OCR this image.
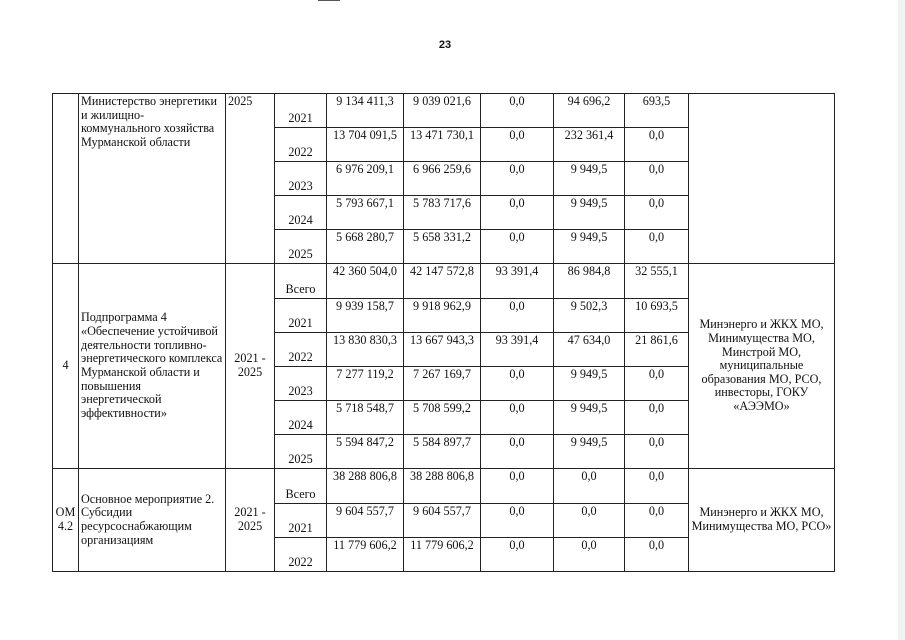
23
	Министерство энергетики и жилищно-коммунального хозяйства Мурманской области	2025	2021	9 134 411,3	9 039 021,6	0,0	94 696,2	693,5	
			2022	13 704 091,5	13 471 730,1	0,0	232 361,4	0,0	
			2023	6 976 209,1	6 966 259,6	0,0	9 949,5	0,0	
			2024	5 793 667,1	5 783 717,6	0,0	9 949,5	0,0	
			2025	5 668 280,7	5 658 331,2	0,0	9 949,5	0,0	
4	Подпрограмма 4 «Обеспечение устойчивой деятельности топливно-энергетического комплекса Мурманской области и повышения энергетической эффективности»	2021 - 2025	Всего	42 360 504,0	42 147 572,8	93 391,4	86 984,8	32 555,1	Минэнерго и ЖКХ МО, Минимущества МО, Минстрой МО, муниципальные образования МО, РСО, инвесторы, ГОКУ «АЭЭМО»
			2021	9 939 158,7	9 918 962,9	0,0	9 502,3	10 693,5	
			2022	13 830 830,3	13 667 943,3	93 391,4	47 634,0	21 861,6	
			2023	7 277 119,2	7 267 169,7	0,0	9 949,5	0,0	
			2024	5 718 548,7	5 708 599,2	0,0	9 949,5	0,0	
			2025	5 594 847,2	5 584 897,7	0,0	9 949,5	0,0	
ОМ 4.2	Основное мероприятие 2. Субсидии ресурсоснабжающим организациям	2021 - 2025	Всего	38 288 806,8	38 288 806,8	0,0	0,0	0,0	Минэнерго и ЖКХ МО, Минимущества МО, РСО»
			2021	9 604 557,7	9 604 557,7	0,0	0,0	0,0	
			2022	11 779 606,2	11 779 606,2	0,0	0,0	0,0	
